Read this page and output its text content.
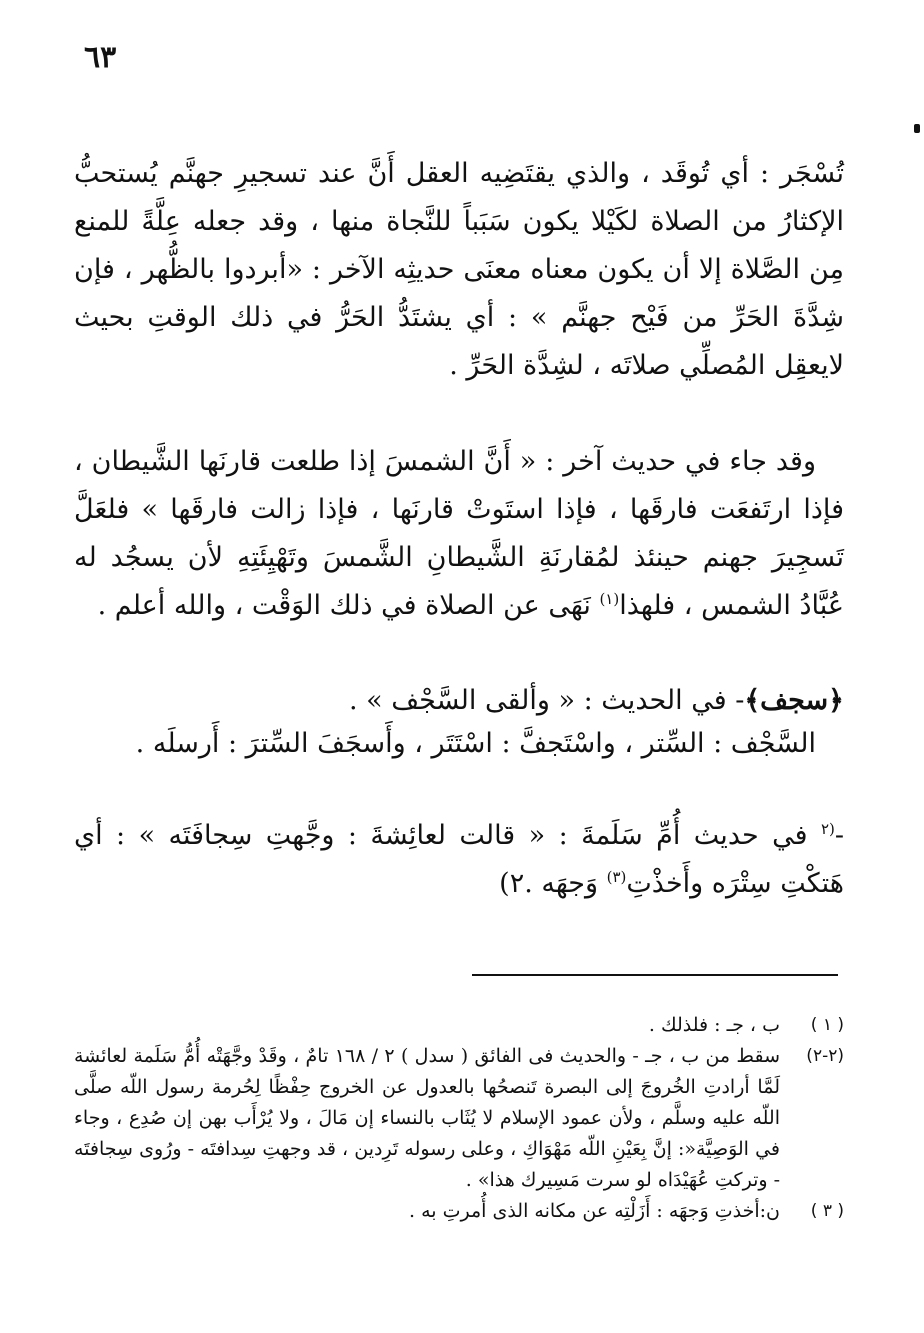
٦٣

تُسْجَر : أي تُوقَد ، والذي يقتَضِيه العقل أَنَّ عند تسجيرِ جهنَّم يُستحبُّ الإكثارُ من الصلاة لكَيْلا يكون سَبَباً للنَّجاة منها ، وقد جعله عِلَّةً للمنع مِن الصَّلاة إلا أن يكون معناه معنَى حديثِه الآخر : «أبردوا بالظُّهر ، فإن شِدَّةَ الحَرِّ من فَيْح جهنَّم » : أي يشتَدُّ الحَرُّ في ذلك الوقتِ بحيث لايعقِل المُصلِّي صلاتَه ، لشِدَّة الحَرِّ .

وقد جاء في حديث آخر : « أَنَّ الشمسَ إذا طلعت قارنَها الشَّيطان ، فإذا ارتَفعَت فارقَها ، فإذا استَوتْ قارنَها ، فإذا زالت فارقَها » فلعَلَّ تَسجِيرَ جهنم حينئذ لمُقارنَةِ الشَّيطانِ الشَّمسَ وتَهْيِئَتِهِ لأن يسجُد له عُبَّادُ الشمس ، فلهذا$^{(١)}$ نَهَى عن الصلاة في ذلك الوَقْت ، والله أعلم .

﴿سجف﴾- في الحديث : « وألقى السَّجْف » .

السَّجْف : السِّتر ، واسْتَجفَّ : اسْتَتَر ، وأَسجَفَ السِّترَ : أَرسلَه .

-$^{(٢}$ في حديث أُمِّ سَلَمةَ : « قالت لعائِشةَ : وجَّهتِ سِجافَتَه » : أي هَتكْتِ سِتْرَه وأَخذْتِ$^{(٣)}$ وَجهَه .٢)

( ١ )
ب ، جـ : فلذلك .
(٢-٢)
سقط من ب ، جـ - والحديث فى الفائق ( سدل ) ٢ / ١٦٨ تامٌ ، وقَدْ وجَّهَتْه أُمُّ سَلَمة لعائشة لَمَّا أرادتِ الخُروجَ إلى البصرة تَنصحُها بالعدول عن الخروج حِفْظًا لِحُرمة رسول اللّه صلَّى اللّه عليه وسلَّم ، ولأن عمود الإسلام لا يُثَاب بالنساء إن مَالَ ، ولا يُرْأَب بهن إن صُدِع ، وجاء في الوَصِيَّة«: إنَّ بِعَيْنِ اللّه مَهْوَاكِ ، وعلى رسوله تَرِدين ، قد وجهتِ سِدافتَه - ورُوى سِجافتَه - وتركتِ عُهَيْدَاه لو سرت مَسِيرك هذا» .
( ٣ )
ن:أخذتِ وَجهَه : أَزَلْتِه عن مكانه الذى أُمرتِ به .
